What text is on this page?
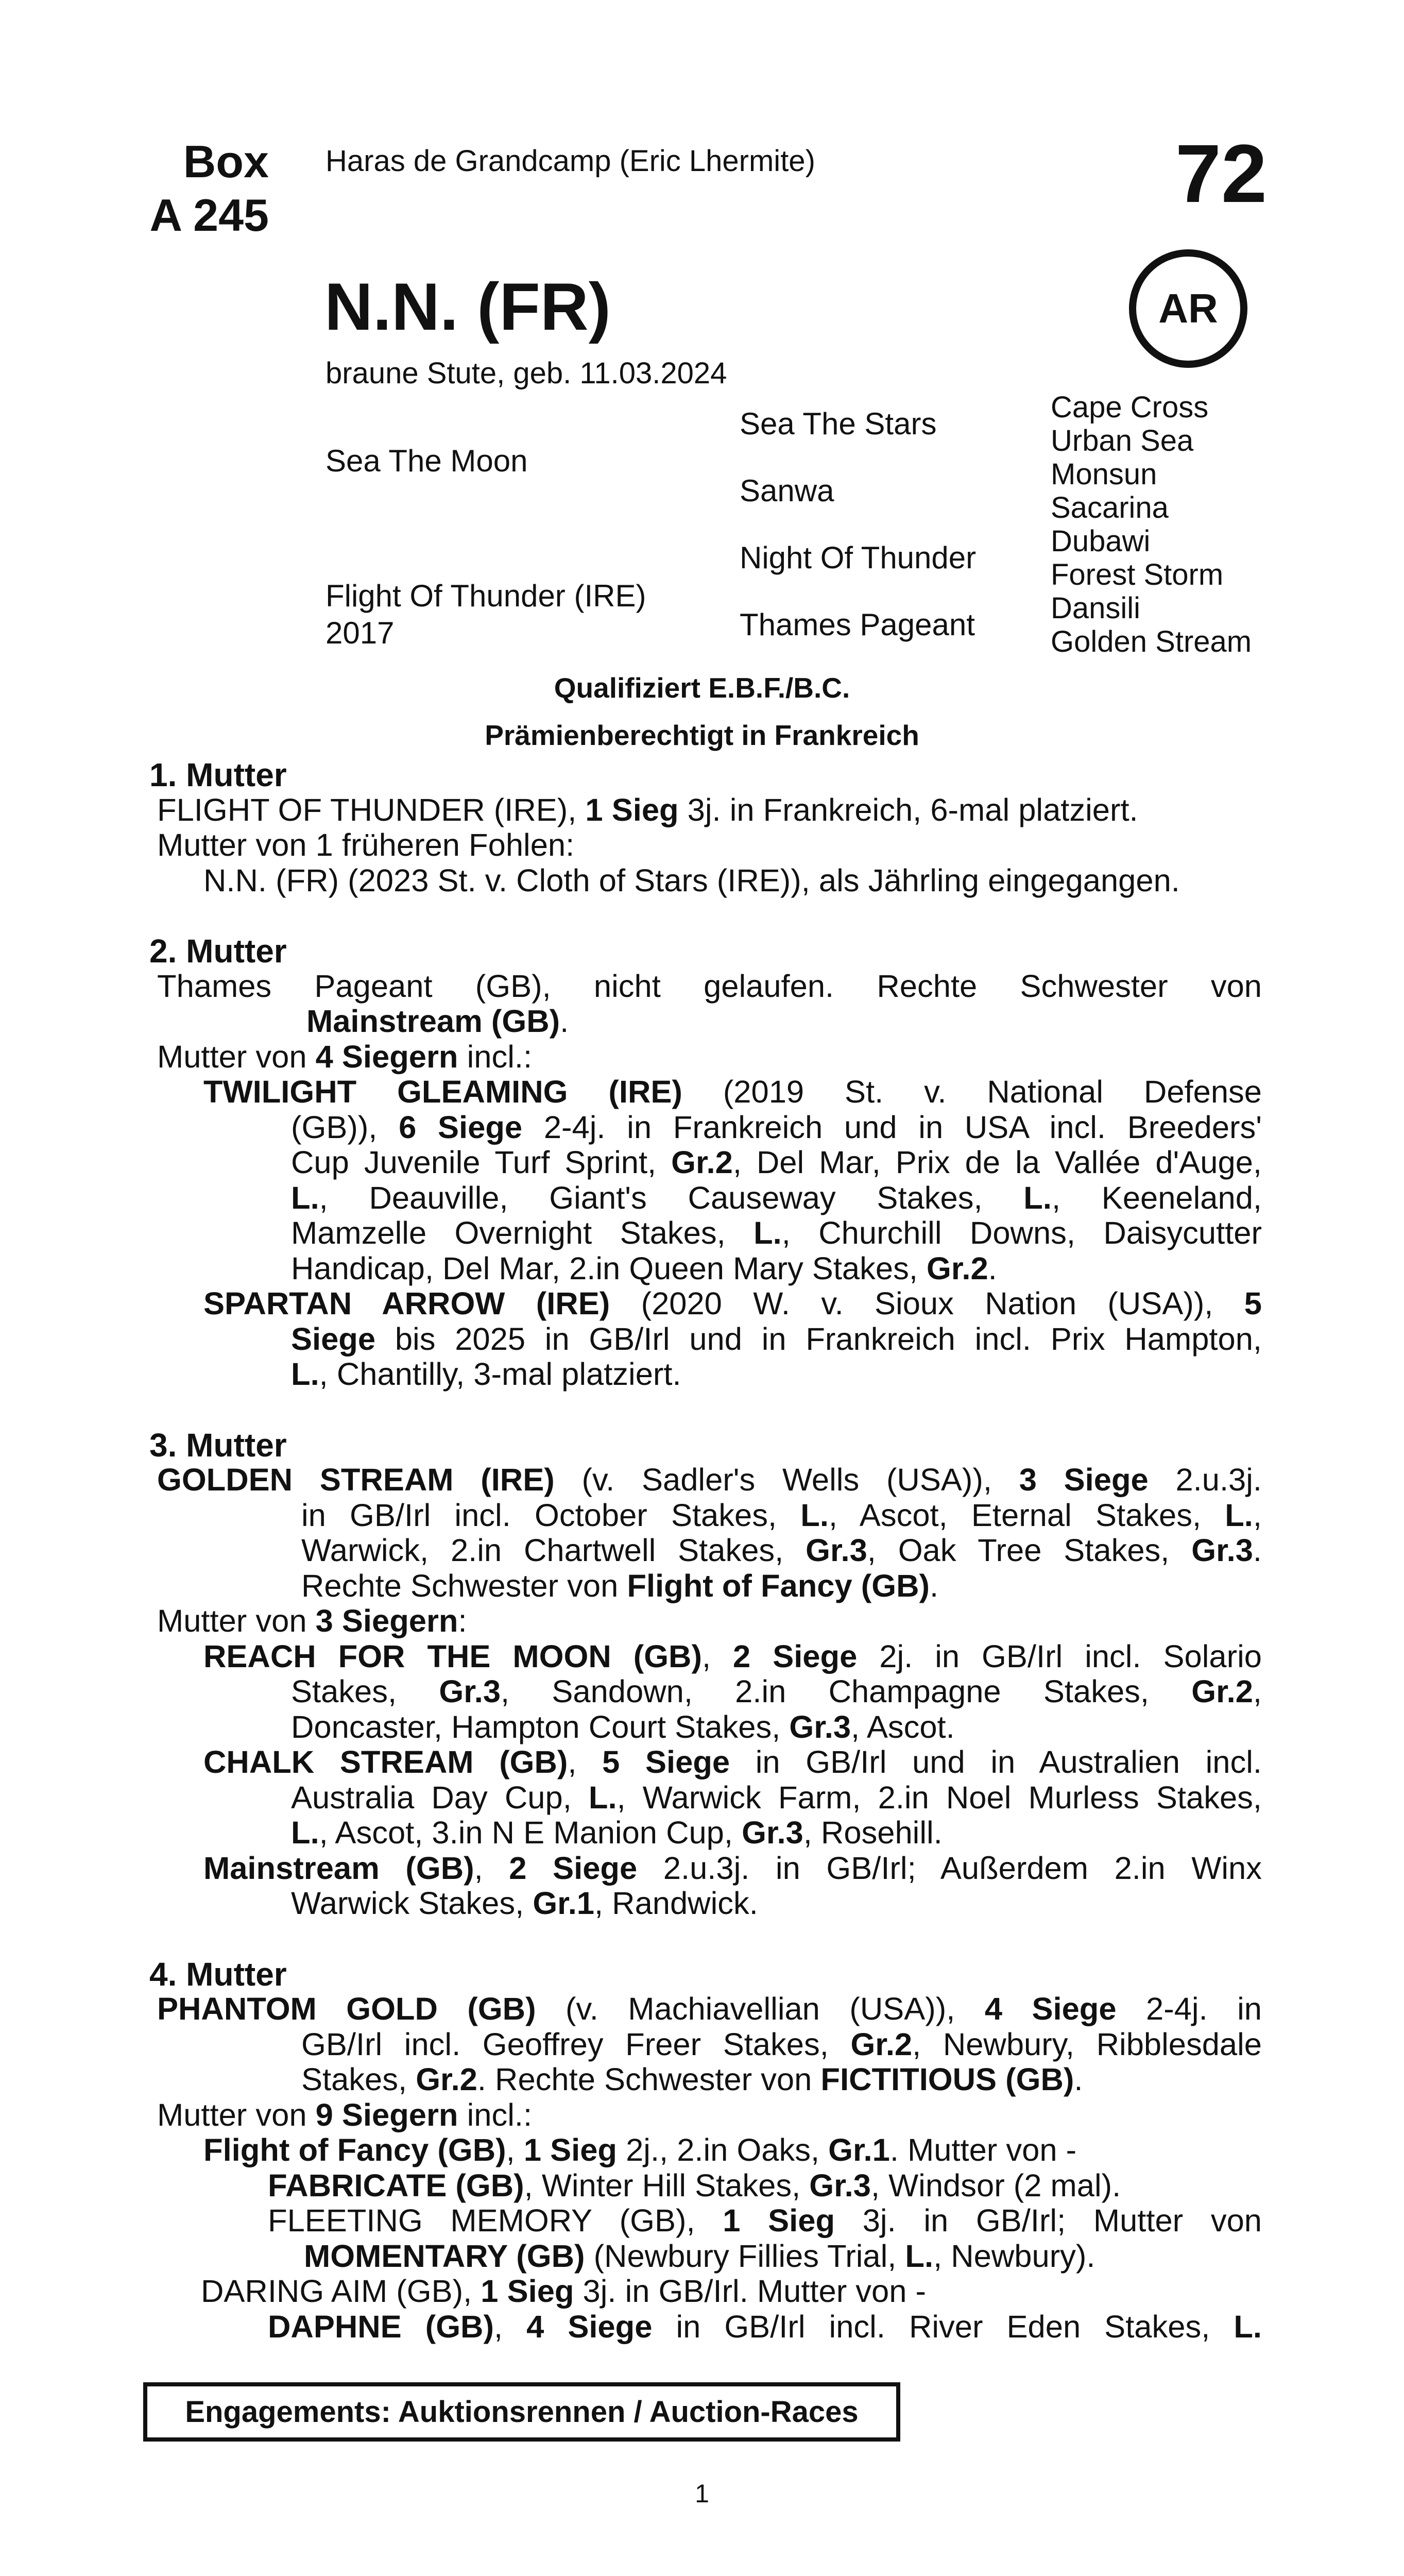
Box
A 245
Haras de Grandcamp (Eric Lhermite)	72
N.N. (FR)	AR
braune Stute, geb. 11.03.2024
Sea The Moon
Flight Of Thunder (IRE)
2017
Sea The Stars
Sanwa
Night Of Thunder
Thames Pageant
Cape Cross
Urban Sea
Monsun
Sacarina
Dubawi
Forest Storm
Dansili
Golden Stream
Qualifiziert E.B.F./B.C.
Prämienberechtigt in Frankreich
1. Mutter
FLIGHT OF THUNDER (IRE), 1 Sieg 3j. in Frankreich, 6-mal platziert.
Mutter von 1 früheren Fohlen:
N.N. (FR) (2023 St. v. Cloth of Stars (IRE)), als Jährling eingegangen.
2. Mutter
Thames Pageant (GB), nicht gelaufen. Rechte Schwester von
Mainstream (GB).
Mutter von 4 Siegern incl.:
TWILIGHT GLEAMING (IRE) (2019 St. v. National Defense
(GB)), 6 Siege 2-4j. in Frankreich und in USA incl. Breeders'
Cup Juvenile Turf Sprint, Gr.2, Del Mar, Prix de la Vallée d'Auge,
L., Deauville, Giant's Causeway Stakes, L., Keeneland,
Mamzelle Overnight Stakes, L., Churchill Downs, Daisycutter
Handicap, Del Mar, 2.in Queen Mary Stakes, Gr.2.
SPARTAN ARROW (IRE) (2020 W. v. Sioux Nation (USA)), 5
Siege bis 2025 in GB/Irl und in Frankreich incl. Prix Hampton,
L., Chantilly, 3-mal platziert.
3. Mutter
GOLDEN STREAM (IRE) (v. Sadler's Wells (USA)), 3 Siege 2.u.3j.
in GB/Irl incl. October Stakes, L., Ascot, Eternal Stakes, L.,
Warwick, 2.in Chartwell Stakes, Gr.3, Oak Tree Stakes, Gr.3.
Rechte Schwester von Flight of Fancy (GB).
Mutter von 3 Siegern:
REACH FOR THE MOON (GB), 2 Siege 2j. in GB/Irl incl. Solario
Stakes, Gr.3, Sandown, 2.in Champagne Stakes, Gr.2,
Doncaster, Hampton Court Stakes, Gr.3, Ascot.
CHALK STREAM (GB), 5 Siege in GB/Irl und in Australien incl.
Australia Day Cup, L., Warwick Farm, 2.in Noel Murless Stakes,
L., Ascot, 3.in N E Manion Cup, Gr.3, Rosehill.
Mainstream (GB), 2 Siege 2.u.3j. in GB/Irl; Außerdem 2.in Winx
Warwick Stakes, Gr.1, Randwick.
4. Mutter
PHANTOM GOLD (GB) (v. Machiavellian (USA)), 4 Siege 2-4j. in
GB/Irl incl. Geoffrey Freer Stakes, Gr.2, Newbury, Ribblesdale
Stakes, Gr.2. Rechte Schwester von FICTITIOUS (GB).
Mutter von 9 Siegern incl.:
Flight of Fancy (GB), 1 Sieg 2j., 2.in Oaks, Gr.1. Mutter von -
FABRICATE (GB), Winter Hill Stakes, Gr.3, Windsor (2 mal).
FLEETING MEMORY (GB), 1 Sieg 3j. in GB/Irl; Mutter von
MOMENTARY (GB) (Newbury Fillies Trial, L., Newbury).
DARING AIM (GB), 1 Sieg 3j. in GB/Irl. Mutter von -
DAPHNE (GB), 4 Siege in GB/Irl incl. River Eden Stakes, L.
Engagements: Auktionsrennen / Auction-Races
1
